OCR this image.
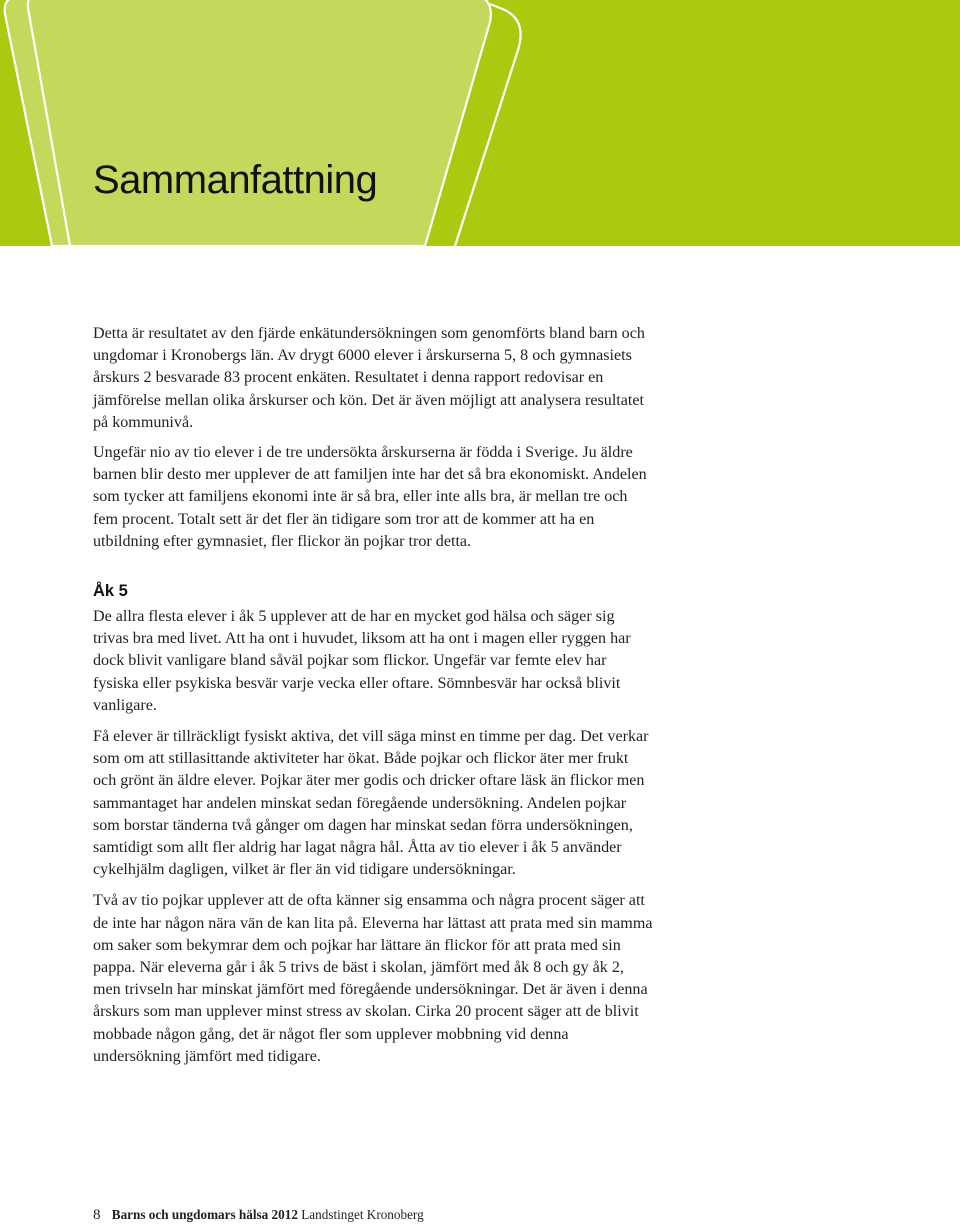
Sammanfattning

Detta är resultatet av den fjärde enkätundersökningen som genomförts bland barn och ungdomar i Kronobergs län. Av drygt 6000 elever i årskurserna 5, 8 och gymnasiets årskurs 2 besvarade 83 procent enkäten. Resultatet i denna rapport redovisar en jämförelse mellan olika årskurser och kön. Det är även möjligt att analysera resultatet på kommunivå.

Ungefär nio av tio elever i de tre undersökta årskurserna är födda i Sverige. Ju äldre barnen blir desto mer upplever de att familjen inte har det så bra ekonomiskt. Andelen som tycker att familjens ekonomi inte är så bra, eller inte alls bra, är mellan tre och fem procent. Totalt sett är det fler än tidigare som tror att de kommer att ha en utbildning efter gymnasiet, fler flickor än pojkar tror detta.

Åk 5

De allra flesta elever i åk 5 upplever att de har en mycket god hälsa och säger sig trivas bra med livet. Att ha ont i huvudet, liksom att ha ont i magen eller ryggen har dock blivit vanligare bland såväl pojkar som flickor. Ungefär var femte elev har fysiska eller psykiska besvär varje vecka eller oftare. Sömnbesvär har också blivit vanligare.

Få elever är tillräckligt fysiskt aktiva, det vill säga minst en timme per dag. Det verkar som om att stillasittande aktiviteter har ökat. Både pojkar och flickor äter mer frukt och grönt än äldre elever. Pojkar äter mer godis och dricker oftare läsk än flickor men sammantaget har andelen minskat sedan föregående undersökning. Andelen pojkar som borstar tänderna två gånger om dagen har minskat sedan förra undersökningen, samtidigt som allt fler aldrig har lagat några hål. Åtta av tio elever i åk 5 använder cykelhjälm dagligen, vilket är fler än vid tidigare undersökningar.

Två av tio pojkar upplever att de ofta känner sig ensamma och några procent säger att de inte har någon nära vän de kan lita på. Eleverna har lättast att prata med sin mamma om saker som bekymrar dem och pojkar har lättare än flickor för att prata med sin pappa. När eleverna går i åk 5 trivs de bäst i skolan, jämfört med åk 8 och gy åk 2, men trivseln har minskat jämfört med föregående undersökningar. Det är även i denna årskurs som man upplever minst stress av skolan. Cirka 20 procent säger att de blivit mobbade någon gång, det är något fler som upplever mobbning vid denna undersökning jämfört med tidigare.

8 Barns och ungdomars hälsa 2012 Landstinget Kronoberg
